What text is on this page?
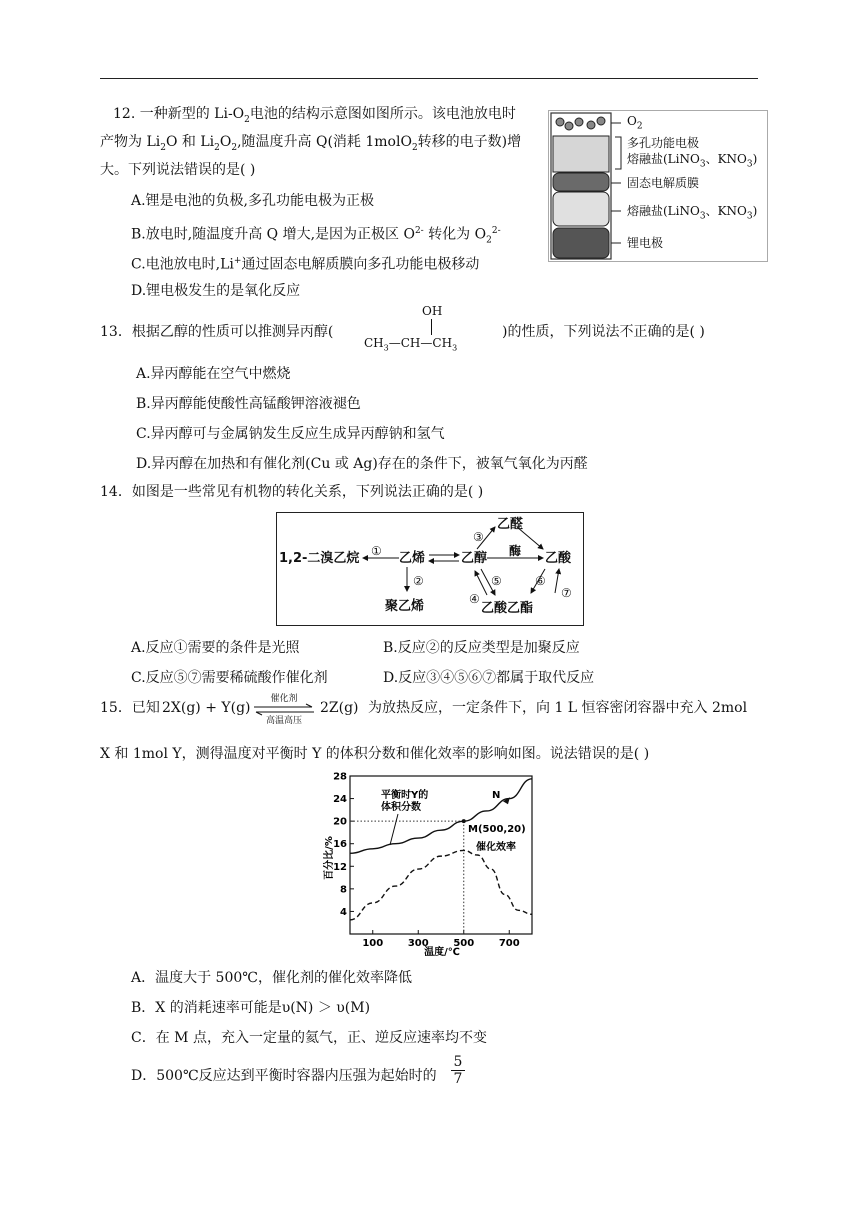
12. 一种新型的 $Li-O_2$电池的结构示意图如图所示。该电池放电时
产物为 $Li_2O$ 和 $Li_2O_2$,随温度升高 Q(消耗 1molO$_2$转移的电子数)增
大。下列说法错误的是( )
A.锂是电池的负极,多孔功能电极为正极
B.放电时,随温度升高 Q 增大,是因为正极区 $O^{2-}$ 转化为 $O_2^{2-}$
C.电池放电时,Li+通过固态电解质膜向多孔功能电极移动
D.锂电极发生的是氧化反应
$O_2$
多孔功能电极
熔融盐(LiNO$_3$、$KNO_3$)
固态电解质膜
熔融盐(LiNO$_3$、$KNO_3$)
锂电极
13．根据乙醇的性质可以推测异丙醇(
OH
$CH_3—CH—CH_3$
)的性质，下列说法不正确的是( )
A.异丙醇能在空气中燃烧
B.异丙醇能使酸性高锰酸钾溶液褪色
C.异丙醇可与金属钠发生反应生成异丙醇钠和氢气
D.异丙醇在加热和有催化剂(Cu 或 Ag)存在的条件下，被氧气氧化为丙醛
14．如图是一些常见有机物的转化关系，下列说法正确的是( )
1,2-二溴乙烷 ① 乙烯
②
聚乙烯
乙醇
乙醛
③
酶 乙酸
⑤
④
⑥
⑦
乙酸乙酯
A.反应①需要的条件是光照	B.反应②的反应类型是加聚反应
C.反应⑤⑦需要稀硫酸作催化剂	D.反应③④⑤⑥⑦都属于取代反应
15．已知 2X(g) + Y(g)
催化剂
高温高压
2Z(g) 为放热反应，一定条件下，向 1 L 恒容密闭容器中充入 2mol
X 和 1mol Y，测得温度对平衡时 Y 的体积分数和催化效率的影响如图。说法错误的是( )
4
8
12
16
20
24
28
100 300 500 700
平衡时Y的
体积分数
M(500,20)
N
催化效率
温度/℃
百分比/%
A．温度大于 500℃，催化剂的催化效率降低
B．X 的消耗速率可能是υ(N) ＞ υ(M)
C．在 M 点，充入一定量的氦气，正、逆反应速率均不变
D．500℃反应达到平衡时容器内压强为起始时的
5
7
